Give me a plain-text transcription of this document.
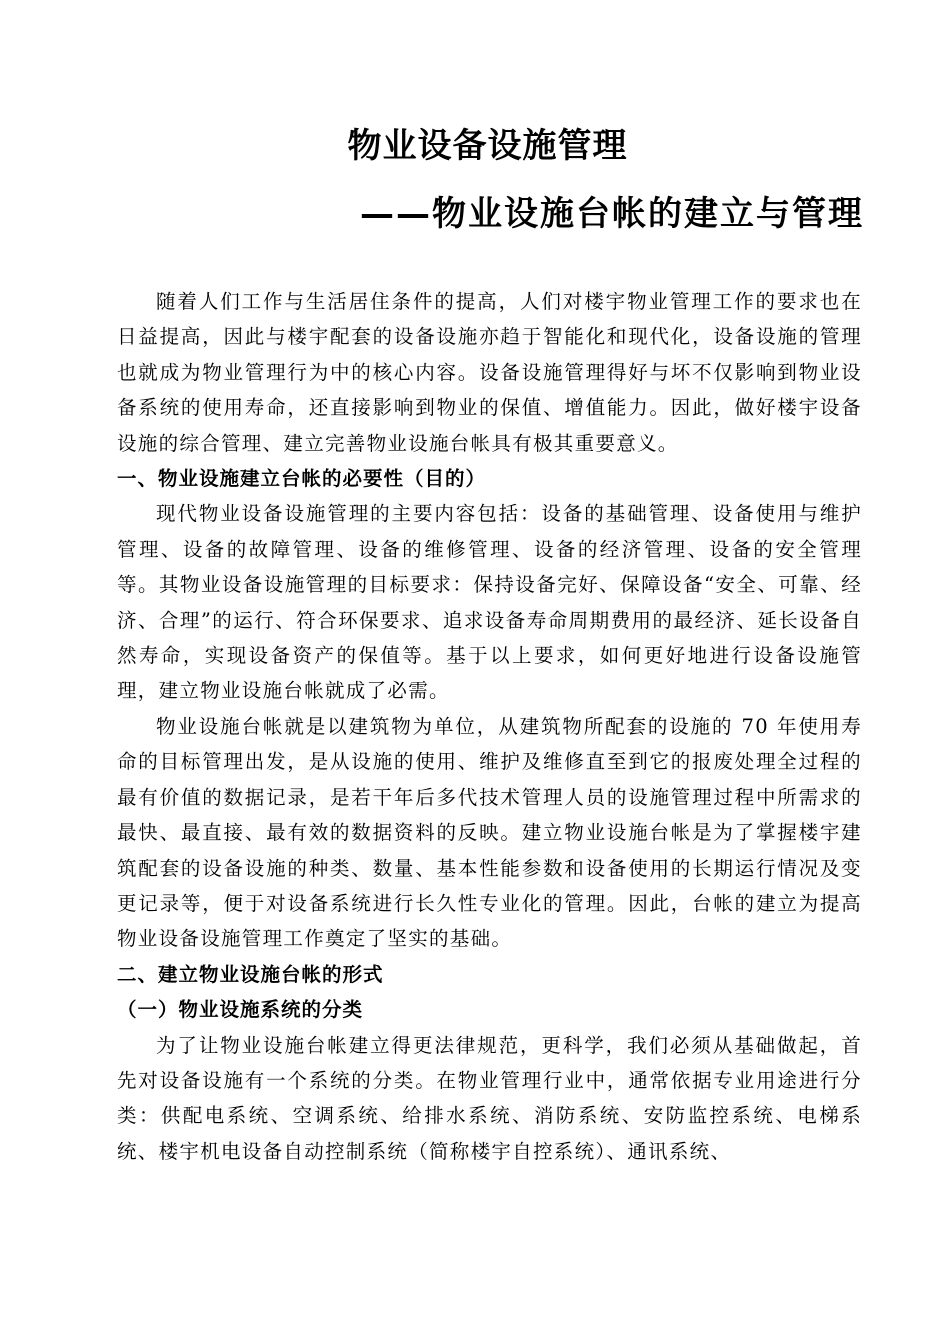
物业设备设施管理
——物业设施台帐的建立与管理

随着人们工作与生活居住条件的提高，人们对楼宇物业管理工作的要求也在日益提高，因此与楼宇配套的设备设施亦趋于智能化和现代化，设备设施的管理也就成为物业管理行为中的核心内容。设备设施管理得好与坏不仅影响到物业设备系统的使用寿命，还直接影响到物业的保值、增值能力。因此，做好楼宇设备设施的综合管理、建立完善物业设施台帐具有极其重要意义。

一、物业设施建立台帐的必要性（目的）

现代物业设备设施管理的主要内容包括：设备的基础管理、设备使用与维护管理、设备的故障管理、设备的维修管理、设备的经济管理、设备的安全管理等。其物业设备设施管理的目标要求：保持设备完好、保障设备“安全、可靠、经济、合理”的运行、符合环保要求、追求设备寿命周期费用的最经济、延长设备自然寿命，实现设备资产的保值等。基于以上要求，如何更好地进行设备设施管理，建立物业设施台帐就成了必需。

物业设施台帐就是以建筑物为单位，从建筑物所配套的设施的 70 年使用寿命的目标管理出发，是从设施的使用、维护及维修直至到它的报废处理全过程的最有价值的数据记录，是若干年后多代技术管理人员的设施管理过程中所需求的最快、最直接、最有效的数据资料的反映。建立物业设施台帐是为了掌握楼宇建筑配套的设备设施的种类、数量、基本性能参数和设备使用的长期运行情况及变更记录等，便于对设备系统进行长久性专业化的管理。因此，台帐的建立为提高物业设备设施管理工作奠定了坚实的基础。

二、建立物业设施台帐的形式

（一）物业设施系统的分类

为了让物业设施台帐建立得更法律规范，更科学，我们必须从基础做起，首先对设备设施有一个系统的分类。在物业管理行业中，通常依据专业用途进行分类：供配电系统、空调系统、给排水系统、消防系统、安防监控系统、电梯系统、楼宇机电设备自动控制系统（简称楼宇自控系统）、通讯系统、
